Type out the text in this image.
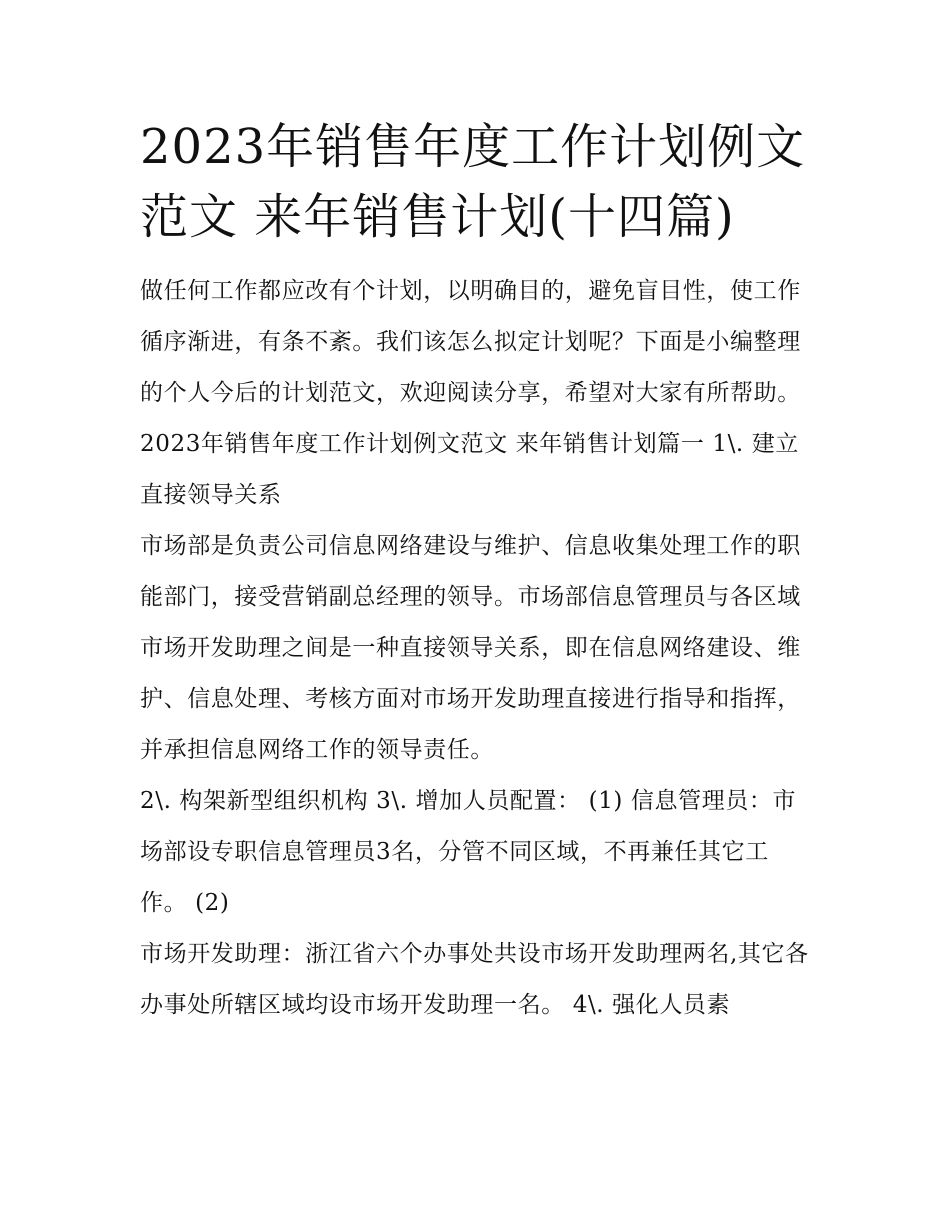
2023年销售年度工作计划例文范文 来年销售计划(十四篇)

做任何工作都应改有个计划，以明确目的，避免盲目性，使工作循序渐进，有条不紊。我们该怎么拟定计划呢？下面是小编整理的个人今后的计划范文，欢迎阅读分享，希望对大家有所帮助。

2023年销售年度工作计划例文范文 来年销售计划篇一 1\. 建立直接领导关系

市场部是负责公司信息网络建设与维护、信息收集处理工作的职能部门，接受营销副总经理的领导。市场部信息管理员与各区域市场开发助理之间是一种直接领导关系，即在信息网络建设、维护、信息处理、考核方面对市场开发助理直接进行指导和指挥，并承担信息网络工作的领导责任。

2\. 构架新型组织机构 3\. 增加人员配置： (1) 信息管理员：市场部设专职信息管理员3名，分管不同区域，不再兼任其它工作。 (2)

市场开发助理：浙江省六个办事处共设市场开发助理两名,其它各办事处所辖区域均设市场开发助理一名。 4\. 强化人员素
